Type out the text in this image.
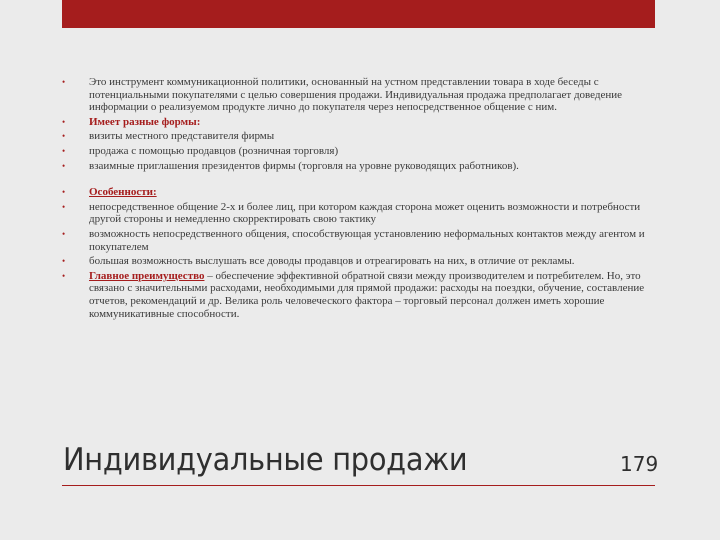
•	Это инструмент коммуникационной политики, основанный на устном представлении товара в ходе беседы с потенциальными покупателями с целью совершения продажи. Индивидуальная продажа предполагает доведение информации о реализуемом продукте лично до покупателя через непосредственное общение с ним.
•	Имеет разные формы:
•	визиты местного представителя фирмы
•	продажа с помощью продавцов (розничная торговля)
•	взаимные приглашения президентов фирмы (торговля на уровне руководящих работников).
•	Особенности:
•	непосредственное общение 2-х и более лиц, при котором каждая сторона может оценить возможности и потребности другой стороны и немедленно скорректировать свою тактику
•	возможность непосредственного общения, способствующая установлению неформальных контактов между агентом и покупателем
•	большая возможность выслушать все доводы продавцов и отреагировать на них, в отличие от рекламы.
•	Главное преимущество – обеспечение эффективной обратной связи между производителем и потребителем. Но, это связано с значительными расходами, необходимыми для прямой продажи: расходы на поездки, обучение, составление отчетов, рекомендаций и др. Велика роль человеческого фактора – торговый персонал должен иметь хорошие коммуникативные способности.
Индивидуальные продажи	179
